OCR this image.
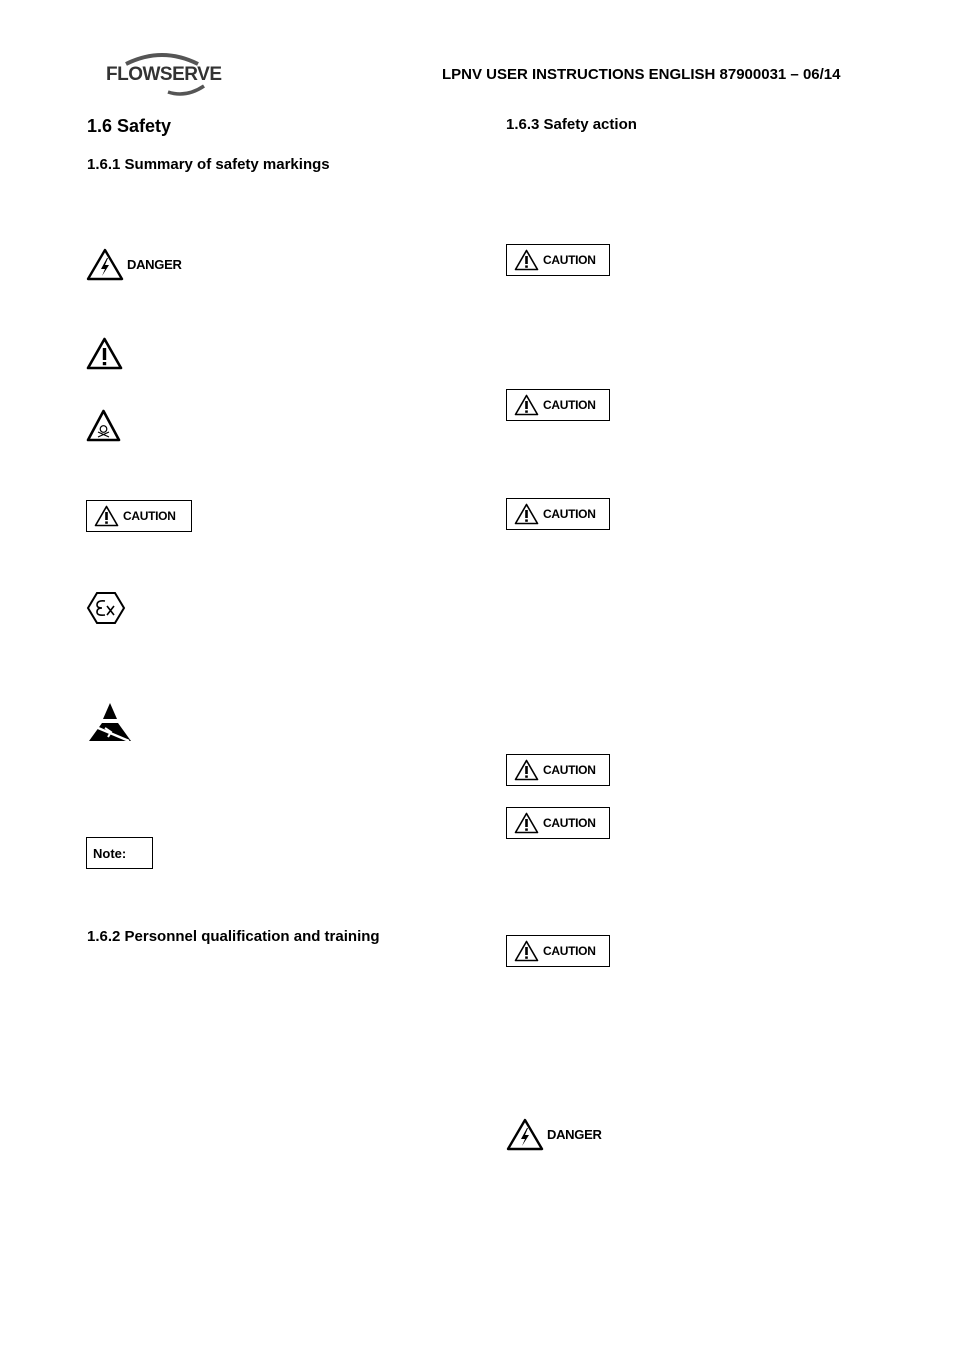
FLOWSERVE	LPNV USER INSTRUCTIONS ENGLISH 87900031 – 06/14
1.6 Safety
1.6.1 Summary of safety markings
DANGER
CAUTION
Note:
1.6.2 Personnel qualification and training
1.6.3 Safety action
CAUTION
CAUTION
CAUTION
CAUTION
CAUTION
CAUTION
DANGER
